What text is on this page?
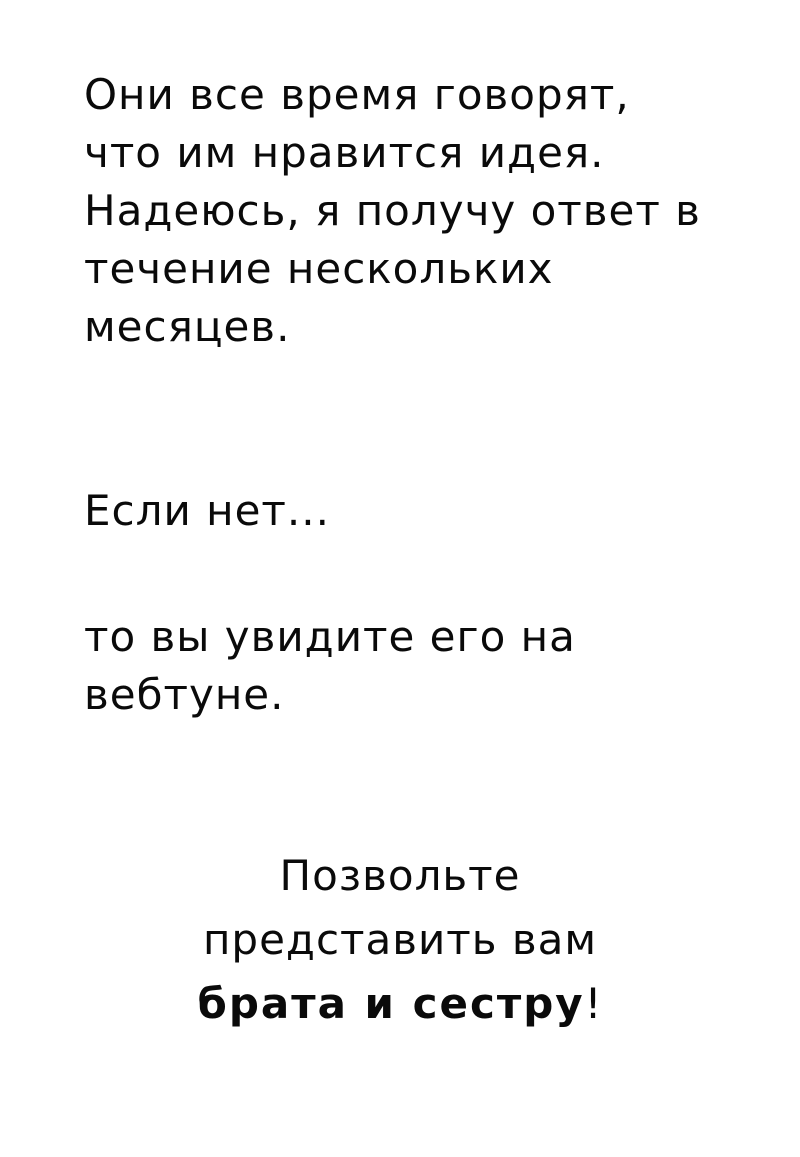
Они все время говорят,
что им нравится идея.
Надеюсь, я получу ответ в
течение нескольких
месяцев.
Если нет...
то вы увидите его на
вебтуне.
Позвольте
представить вам
брата и сестру!
